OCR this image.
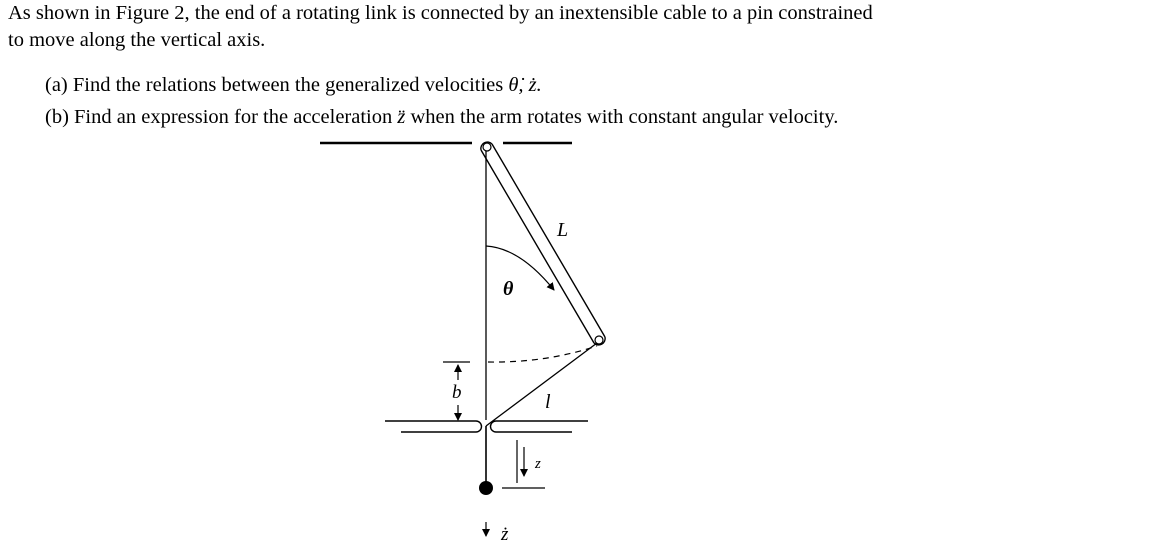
As shown in Figure 2, the end of a rotating link is connected by an inextensible cable to a pin constrained
to move along the vertical axis.
(a) Find the relations between the generalized velocities θ̇, ż.
(b) Find an expression for the acceleration z̈ when the arm rotates with constant angular velocity.
b
z
ż
L
θ
l
